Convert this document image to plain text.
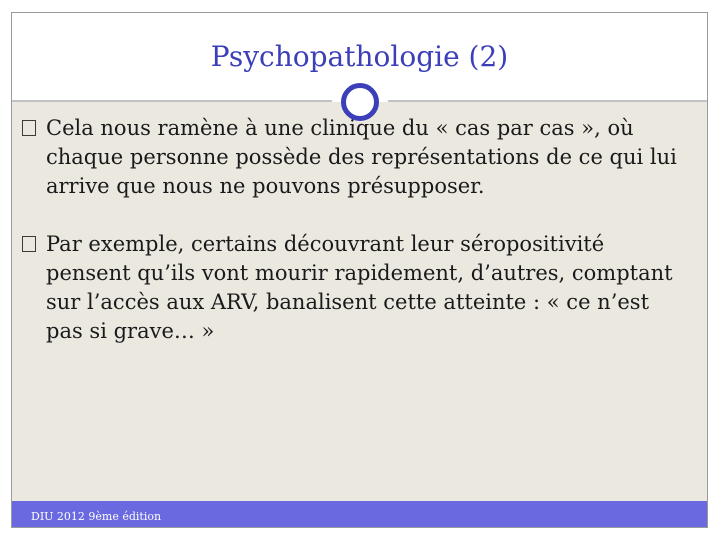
Psychopathologie (2)
DIU 2012 9ème édition
Cela nous ramène à une clinique du « cas par cas », où chaque personne possède des représentations de ce qui lui arrive que nous ne pouvons présupposer.
Par exemple, certains découvrant leur séropositivité pensent qu’ils vont mourir rapidement, d’autres, comptant sur l’accès aux ARV, banalisent cette atteinte : « ce n’est pas si grave… »
